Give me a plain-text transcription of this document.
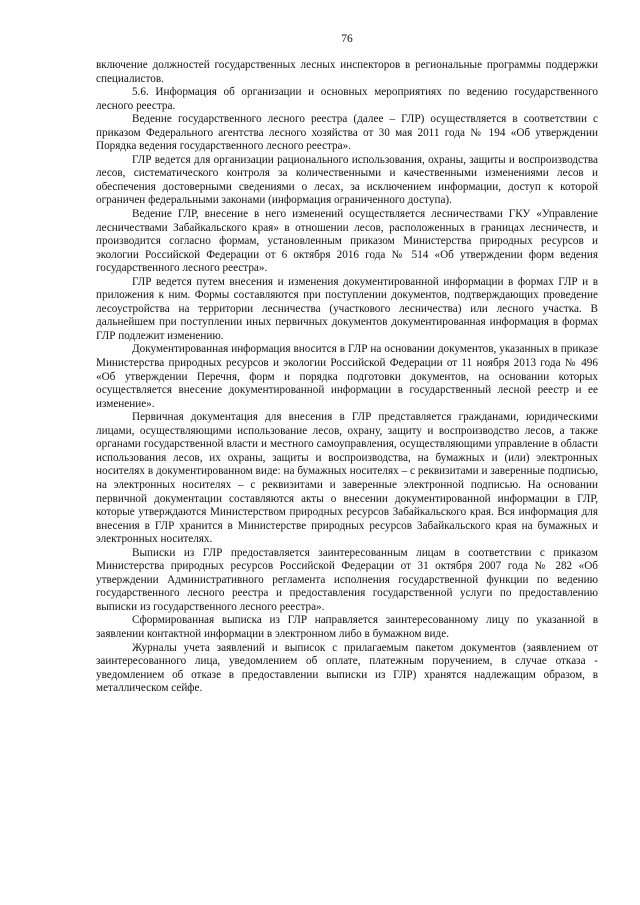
76

включение должностей государственных лесных инспекторов в региональные программы поддержки специалистов.

5.6. Информация об организации и основных мероприятиях по ведению государственного лесного реестра.

Ведение государственного лесного реестра (далее – ГЛР) осуществляется в соответствии с приказом Федерального агентства лесного хозяйства от 30 мая 2011 года № 194 «Об утверждении Порядка ведения государственного лесного реестра».

ГЛР ведется для организации рационального использования, охраны, защиты и воспроизводства лесов, систематического контроля за количественными и качественными изменениями лесов и обеспечения достоверными сведениями о лесах, за исключением информации, доступ к которой ограничен федеральными законами (информация ограниченного доступа).

Ведение ГЛР, внесение в него изменений осуществляется лесничествами ГКУ «Управление лесничествами Забайкальского края» в отношении лесов, расположенных в границах лесничеств, и производится согласно формам, установленным приказом Министерства природных ресурсов и экологии Российской Федерации от 6 октября 2016 года № 514 «Об утверждении форм ведения государственного лесного реестра».

ГЛР ведется путем внесения и изменения документированной информации в формах ГЛР и в приложения к ним. Формы составляются при поступлении документов, подтверждающих проведение лесоустройства на территории лесничества (участкового лесничества) или лесного участка. В дальнейшем при поступлении иных первичных документов документированная информация в формах ГЛР подлежит изменению.

Документированная информация вносится в ГЛР на основании документов, указанных в приказе Министерства природных ресурсов и экологии Российской Федерации от 11 ноября 2013 года № 496 «Об утверждении Перечня, форм и порядка подготовки документов, на основании которых осуществляется внесение документированной информации в государственный лесной реестр и ее изменение».

Первичная документация для внесения в ГЛР представляется гражданами, юридическими лицами, осуществляющими использование лесов, охрану, защиту и воспроизводство лесов, а также органами государственной власти и местного самоуправления, осуществляющими управление в области использования лесов, их охраны, защиты и воспроизводства, на бумажных и (или) электронных носителях в документированном виде: на бумажных носителях – с реквизитами и заверенные подписью, на электронных носителях – с реквизитами и заверенные электронной подписью. На основании первичной документации составляются акты о внесении документированной информации в ГЛР, которые утверждаются Министерством природных ресурсов Забайкальского края. Вся информация для внесения в ГЛР хранится в Министерстве природных ресурсов Забайкальского края на бумажных и электронных носителях.

Выписки из ГЛР предоставляется заинтересованным лицам в соответствии с приказом Министерства природных ресурсов Российской Федерации от 31 октября 2007 года № 282 «Об утверждении Административного регламента исполнения государственной функции по ведению государственного лесного реестра и предоставления государственной услуги по предоставлению выписки из государственного лесного реестра».

Сформированная выписка из ГЛР направляется заинтересованному лицу по указанной в заявлении контактной информации в электронном либо в бумажном виде.

Журналы учета заявлений и выписок с прилагаемым пакетом документов (заявлением от заинтересованного лица, уведомлением об оплате, платежным поручением, в случае отказа - уведомлением об отказе в предоставлении выписки из ГЛР) хранятся надлежащим образом, в металлическом сейфе.
